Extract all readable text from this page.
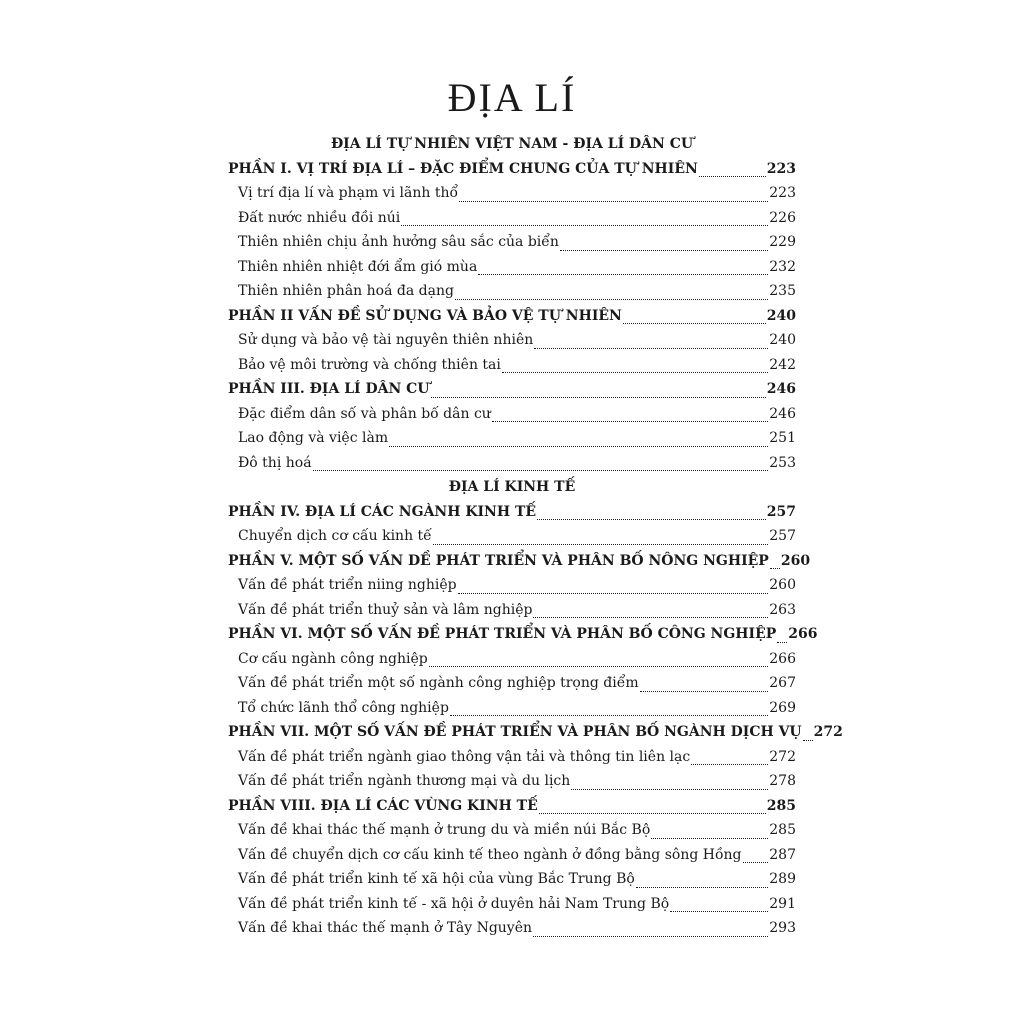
ĐỊA LÍ
ĐỊA LÍ TỰ NHIÊN VIỆT NAM - ĐỊA LÍ DÂN CƯ
PHẦN I. VỊ TRÍ ĐỊA LÍ – ĐẶC ĐIỂM CHUNG CỦA TỰ NHIÊN	223
Vị trí địa lí và phạm vi lãnh thổ	223
Đất nước nhiều đồi núi	226
Thiên nhiên chịu ảnh hưởng sâu sắc của biển	229
Thiên nhiên nhiệt đới ẩm gió mùa	232
Thiên nhiên phân hoá đa dạng	235
PHẦN II VẤN ĐỀ SỬ DỤNG VÀ BẢO VỆ TỰ NHIÊN	240
Sử dụng và bảo vệ tài nguyên thiên nhiên	240
Bảo vệ môi trường và chống thiên tai	242
PHẦN III. ĐỊA LÍ DÂN CƯ	246
Đặc điểm dân số và phân bố dân cư	246
Lao động và việc làm	251
Đô thị hoá	253
ĐỊA LÍ KINH TẾ
PHẦN IV. ĐỊA LÍ CÁC NGÀNH KINH TẾ	257
Chuyển dịch cơ cấu kinh tế	257
PHẦN V. MỘT SỐ VẤN DỀ PHÁT TRIỂN VÀ PHÂN BỐ NÔNG NGHIỆP 260
Vấn đề phát triển niing nghiệp	260
Vấn đề phát triển thuỷ sản và lâm nghiệp	263
PHẦN VI. MỘT SỐ VẤN ĐỀ PHÁT TRIỂN VÀ PHÂN BỐ CÔNG NGHIỆP 266
Cơ cấu ngành công nghiệp	266
Vấn đề phát triển một số ngành công nghiệp trọng điểm	267
Tổ chức lãnh thổ công nghiệp	269
PHẦN VII. MỘT SỐ VẤN ĐỀ PHÁT TRIỂN VÀ PHÂN BỐ NGÀNH DỊCH VỤ 272
Vấn đề phát triển ngành giao thông vận tải và thông tin liên lạc	272
Vấn đề phát triển ngành thương mại và du lịch	278
PHẦN VIII. ĐỊA LÍ CÁC VÙNG KINH TẾ	285
Vấn đề khai thác thế mạnh ở trung du và miền núi Bắc Bộ	285
Vấn đề chuyển dịch cơ cấu kinh tế theo ngành ở đồng bằng sông Hồng 287
Vấn đề phát triển kinh tế xã hội của vùng Bắc Trung Bộ	289
Vấn đề phát triển kinh tế - xã hội ở duyên hải Nam Trung Bộ	291
Vấn đề khai thác thế mạnh ở Tây Nguyên	293
